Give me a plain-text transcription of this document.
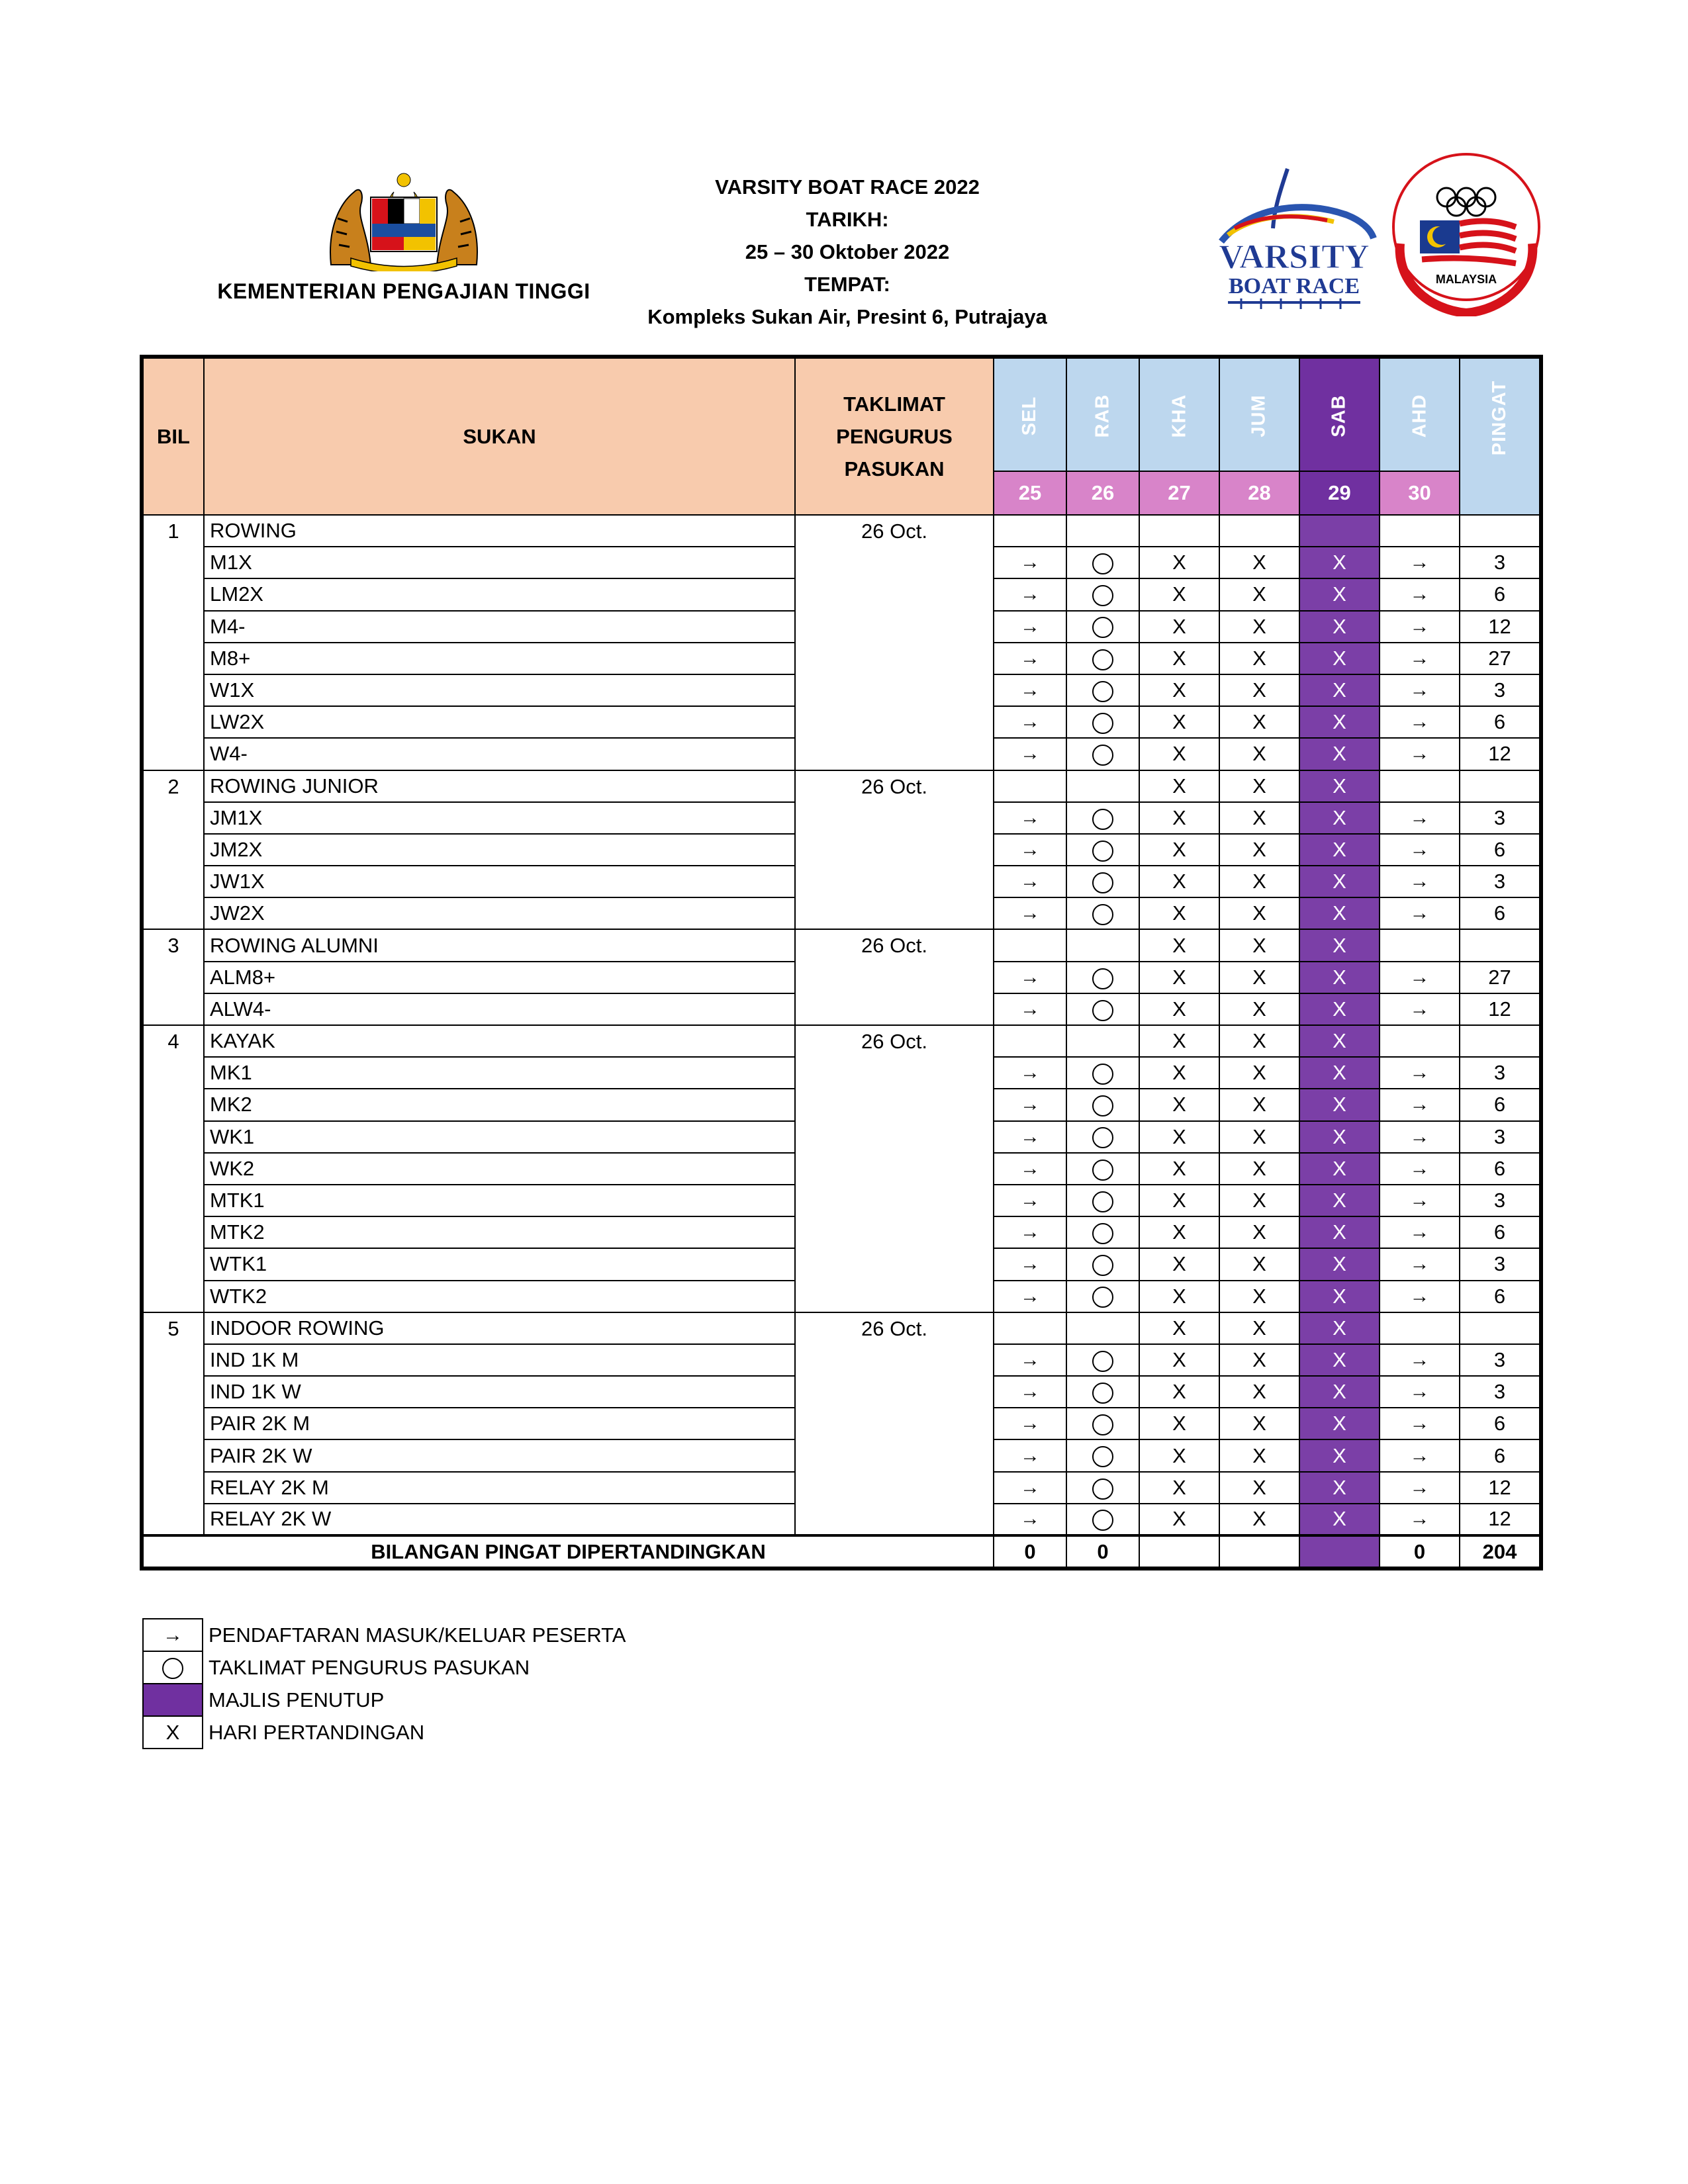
KEMENTERIAN PENGAJIAN TINGGI
VARSITY BOAT RACE 2022
TARIKH:
25 – 30 Oktober 2022
TEMPAT:
Kompleks Sukan Air, Presint 6, Putrajaya
VARSITY
BOAT RACE	MALAYSIA
BIL	SUKAN	TAKLIMAT
PENGURUS
PASUKAN	SEL	RAB	KHA	JUM	SAB	AHD	PINGAT
			25	26	27	28	29	30	
1	ROWING	26 Oct.							
	M1X		→		X	X	X	→	3
	LM2X		→		X	X	X	→	6
	M4-		→		X	X	X	→	12
	M8+		→		X	X	X	→	27
	W1X		→		X	X	X	→	3
	LW2X		→		X	X	X	→	6
	W4-		→		X	X	X	→	12
2	ROWING JUNIOR	26 Oct.			X	X	X		
	JM1X		→		X	X	X	→	3
	JM2X		→		X	X	X	→	6
	JW1X		→		X	X	X	→	3
	JW2X		→		X	X	X	→	6
3	ROWING ALUMNI	26 Oct.			X	X	X		
	ALM8+		→		X	X	X	→	27
	ALW4-		→		X	X	X	→	12
4	KAYAK	26 Oct.			X	X	X		
	MK1		→		X	X	X	→	3
	MK2		→		X	X	X	→	6
	WK1		→		X	X	X	→	3
	WK2		→		X	X	X	→	6
	MTK1		→		X	X	X	→	3
	MTK2		→		X	X	X	→	6
	WTK1		→		X	X	X	→	3
	WTK2		→		X	X	X	→	6
5	INDOOR ROWING	26 Oct.			X	X	X		
	IND 1K M		→		X	X	X	→	3
	IND 1K W		→		X	X	X	→	3
	PAIR 2K M		→		X	X	X	→	6
	PAIR 2K W		→		X	X	X	→	6
	RELAY 2K M		→		X	X	X	→	12
	RELAY 2K W		→		X	X	X	→	12
BILANGAN PINGAT DIPERTANDINGKAN			0	0				0	204
→	PENDAFTARAN MASUK/KELUAR PESERTA
	TAKLIMAT PENGURUS PASUKAN
	MAJLIS PENUTUP
X	HARI PERTANDINGAN
